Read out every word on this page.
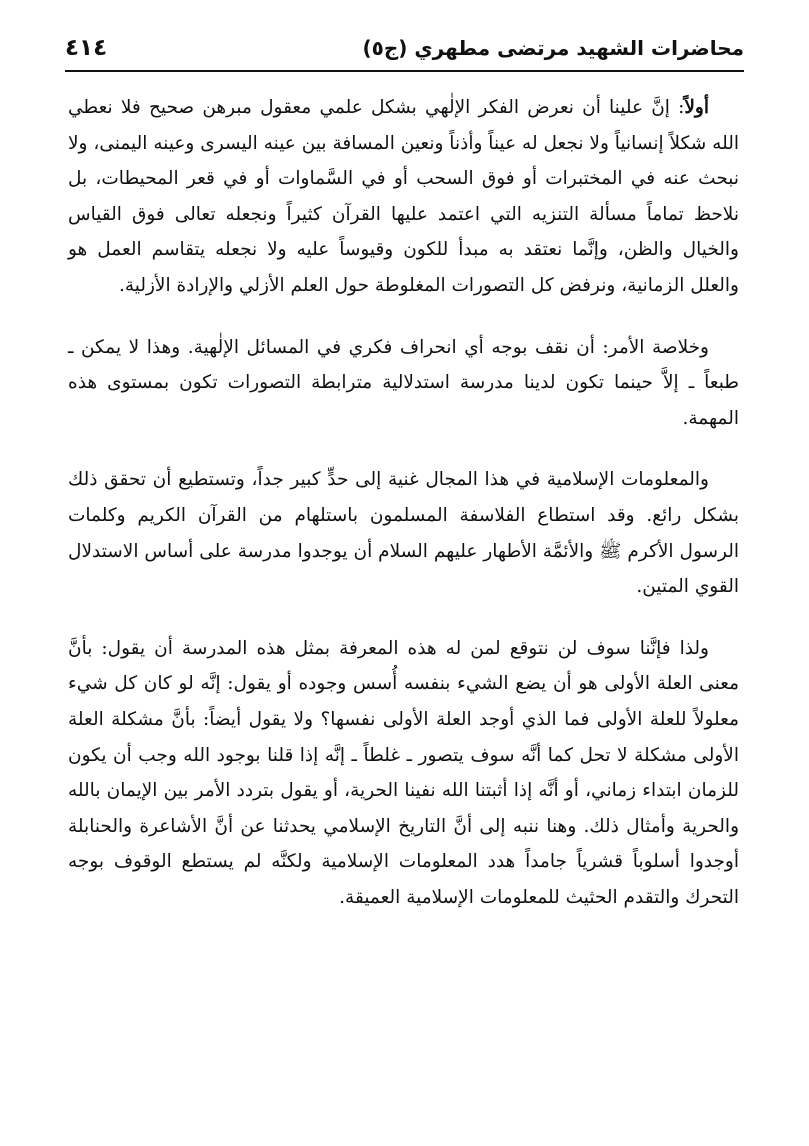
محاضرات الشهيد مرتضى مطهري (ج٥)
٤١٤

أولاً: إنَّ علينا أن نعرض الفكر الإلٰهي بشكل علمي معقول مبرهن صحيح فلا نعطي الله شكلاً إنسانياً ولا نجعل له عيناً وأذناً ونعين المسافة بين عينه اليسرى وعينه اليمنى، ولا نبحث عنه في المختبرات أو فوق السحب أو في السَّماوات أو في قعر المحيطات، بل نلاحظ تماماً مسألة التنزيه التي اعتمد عليها القرآن كثيراً ونجعله تعالى فوق القياس والخيال والظن، وإنَّما نعتقد به مبدأ للكون وقيوساً عليه ولا نجعله يتقاسم العمل هو والعلل الزمانية، ونرفض كل التصورات المغلوطة حول العلم الأزلي والإرادة الأزلية.

وخلاصة الأمر: أن نقف بوجه أي انحراف فكري في المسائل الإلٰهية. وهذا لا يمكن ـ طبعاً ـ إلاَّ حينما تكون لدينا مدرسة استدلالية مترابطة التصورات تكون بمستوى هذه المهمة.

والمعلومات الإسلامية في هذا المجال غنية إلى حدٍّ كبير جداً، وتستطيع أن تحقق ذلك بشكل رائع. وقد استطاع الفلاسفة المسلمون باستلهام من القرآن الكريم وكلمات الرسول الأكرم ﷺ والأئمَّة الأطهار عليهم السلام أن يوجدوا مدرسة على أساس الاستدلال القوي المتين.

ولذا فإنَّنا سوف لن نتوقع لمن له هذه المعرفة بمثل هذه المدرسة أن يقول: بأنَّ معنى العلة الأولى هو أن يضع الشيء بنفسه أُسس وجوده أو يقول: إنَّه لو كان كل شيء معلولاً للعلة الأولى فما الذي أوجد العلة الأولى نفسها؟ ولا يقول أيضاً: بأنَّ مشكلة العلة الأولى مشكلة لا تحل كما أنَّه سوف يتصور ـ غلطاً ـ إنَّه إذا قلنا بوجود الله وجب أن يكون للزمان ابتداء زماني، أو أنَّه إذا أثبتنا الله نفينا الحرية، أو يقول بتردد الأمر بين الإيمان بالله والحرية وأمثال ذلك. وهنا ننبه إلى أنَّ التاريخ الإسلامي يحدثنا عن أنَّ الأشاعرة والحنابلة أوجدوا أسلوباً قشرياً جامداً هدد المعلومات الإسلامية ولكنَّه لم يستطع الوقوف بوجه التحرك والتقدم الحثيث للمعلومات الإسلامية العميقة.
